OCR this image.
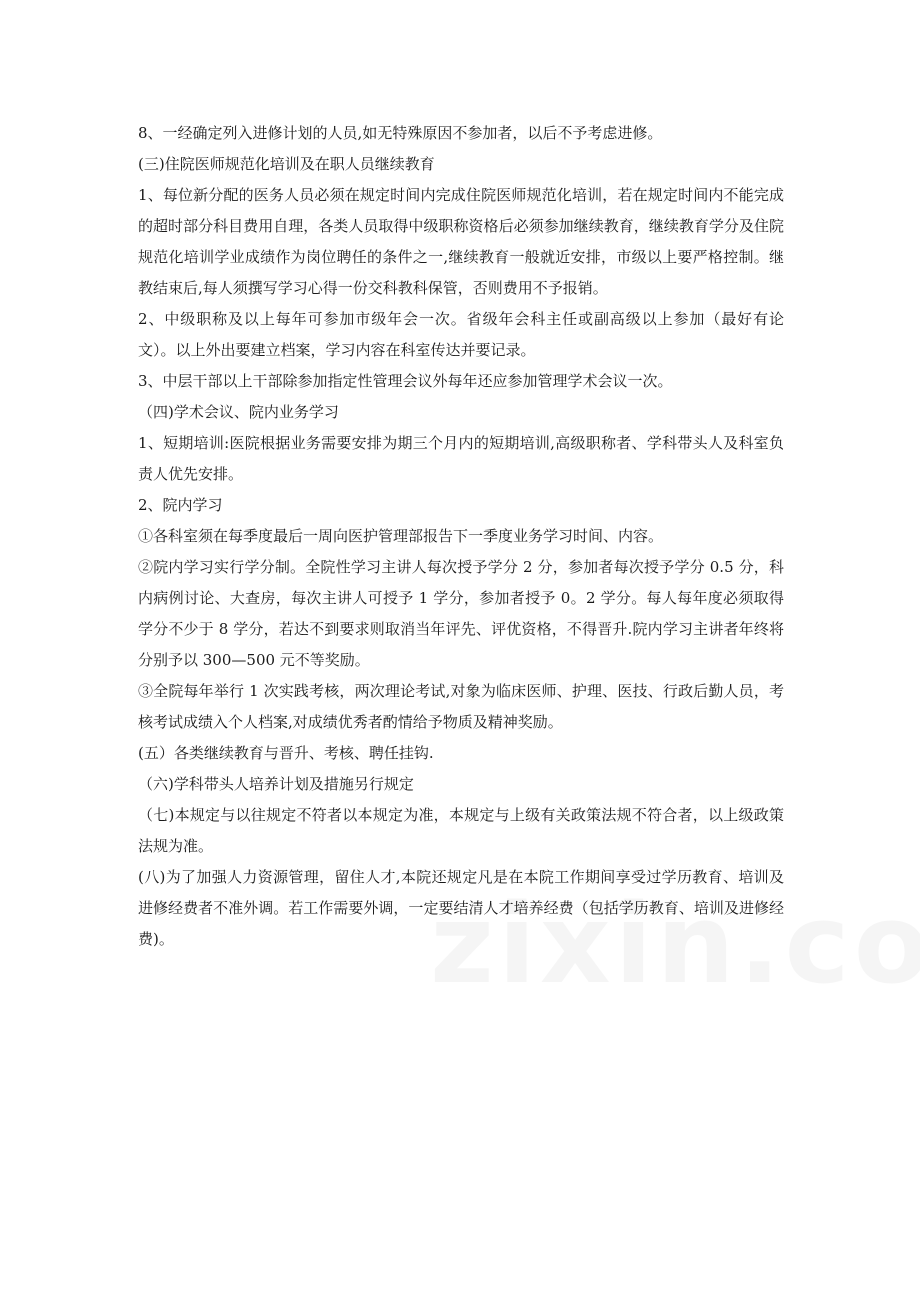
8、一经确定列入进修计划的人员,如无特殊原因不参加者，以后不予考虑进修。

(三)住院医师规范化培训及在职人员继续教育

1、每位新分配的医务人员必须在规定时间内完成住院医师规范化培训，若在规定时间内不能完成的超时部分科目费用自理，各类人员取得中级职称资格后必须参加继续教育，继续教育学分及住院规范化培训学业成绩作为岗位聘任的条件之一,继续教育一般就近安排，市级以上要严格控制。继教结束后,每人须撰写学习心得一份交科教科保管，否则费用不予报销。

2、中级职称及以上每年可参加市级年会一次。省级年会科主任或副高级以上参加（最好有论文）。以上外出要建立档案，学习内容在科室传达并要记录。

3、中层干部以上干部除参加指定性管理会议外每年还应参加管理学术会议一次。

（四)学术会议、院内业务学习

1、短期培训:医院根据业务需要安排为期三个月内的短期培训,高级职称者、学科带头人及科室负责人优先安排。

2、院内学习

①各科室须在每季度最后一周向医护管理部报告下一季度业务学习时间、内容。

②院内学习实行学分制。全院性学习主讲人每次授予学分 2 分，参加者每次授予学分 0.5 分，科内病例讨论、大查房，每次主讲人可授予 1 学分，参加者授予 0。2 学分。每人每年度必须取得学分不少于 8 学分，若达不到要求则取消当年评先、评优资格，不得晋升.院内学习主讲者年终将分别予以 300—500 元不等奖励。

③全院每年举行 1 次实践考核，两次理论考试,对象为临床医师、护理、医技、行政后勤人员，考核考试成绩入个人档案,对成绩优秀者酌情给予物质及精神奖励。

(五）各类继续教育与晋升、考核、聘任挂钩.

（六)学科带头人培养计划及措施另行规定

（七)本规定与以往规定不符者以本规定为准，本规定与上级有关政策法规不符合者，以上级政策法规为准。

(八)为了加强人力资源管理，留住人才,本院还规定凡是在本院工作期间享受过学历教育、培训及进修经费者不准外调。若工作需要外调，一定要结清人才培养经费（包括学历教育、培训及进修经费)。
